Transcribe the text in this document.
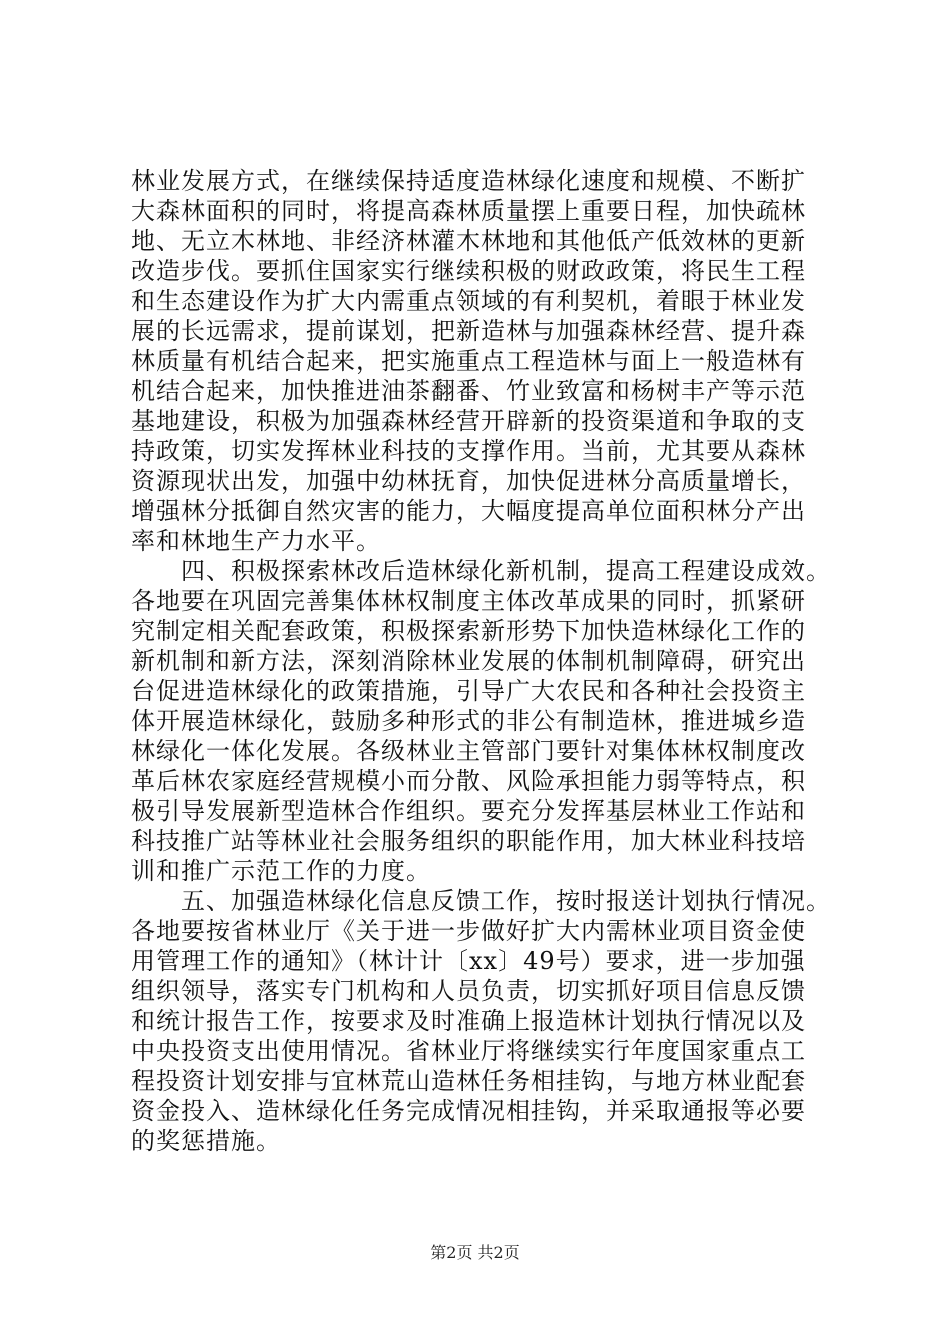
林业发展方式，在继续保持适度造林绿化速度和规模、不断扩
大森林面积的同时，将提高森林质量摆上重要日程，加快疏林
地、无立木林地、非经济林灌木林地和其他低产低效林的更新
改造步伐。要抓住国家实行继续积极的财政政策，将民生工程
和生态建设作为扩大内需重点领域的有利契机，着眼于林业发
展的长远需求，提前谋划，把新造林与加强森林经营、提升森
林质量有机结合起来，把实施重点工程造林与面上一般造林有
机结合起来，加快推进油茶翻番、竹业致富和杨树丰产等示范
基地建设，积极为加强森林经营开辟新的投资渠道和争取的支
持政策，切实发挥林业科技的支撑作用。当前，尤其要从森林
资源现状出发，加强中幼林抚育，加快促进林分高质量增长，
增强林分抵御自然灾害的能力，大幅度提高单位面积林分产出
率和林地生产力水平。
　　四、积极探索林改后造林绿化新机制，提高工程建设成效。
各地要在巩固完善集体林权制度主体改革成果的同时，抓紧研
究制定相关配套政策，积极探索新形势下加快造林绿化工作的
新机制和新方法，深刻消除林业发展的体制机制障碍，研究出
台促进造林绿化的政策措施，引导广大农民和各种社会投资主
体开展造林绿化，鼓励多种形式的非公有制造林，推进城乡造
林绿化一体化发展。各级林业主管部门要针对集体林权制度改
革后林农家庭经营规模小而分散、风险承担能力弱等特点，积
极引导发展新型造林合作组织。要充分发挥基层林业工作站和
科技推广站等林业社会服务组织的职能作用，加大林业科技培
训和推广示范工作的力度。
　　五、加强造林绿化信息反馈工作，按时报送计划执行情况。
各地要按省林业厅《关于进一步做好扩大内需林业项目资金使
用管理工作的通知》（林计计〔xx〕49号）要求，进一步加强
组织领导，落实专门机构和人员负责，切实抓好项目信息反馈
和统计报告工作，按要求及时准确上报造林计划执行情况以及
中央投资支出使用情况。省林业厅将继续实行年度国家重点工
程投资计划安排与宜林荒山造林任务相挂钩，与地方林业配套
资金投入、造林绿化任务完成情况相挂钩，并采取通报等必要
的奖惩措施。
第2页 共2页
